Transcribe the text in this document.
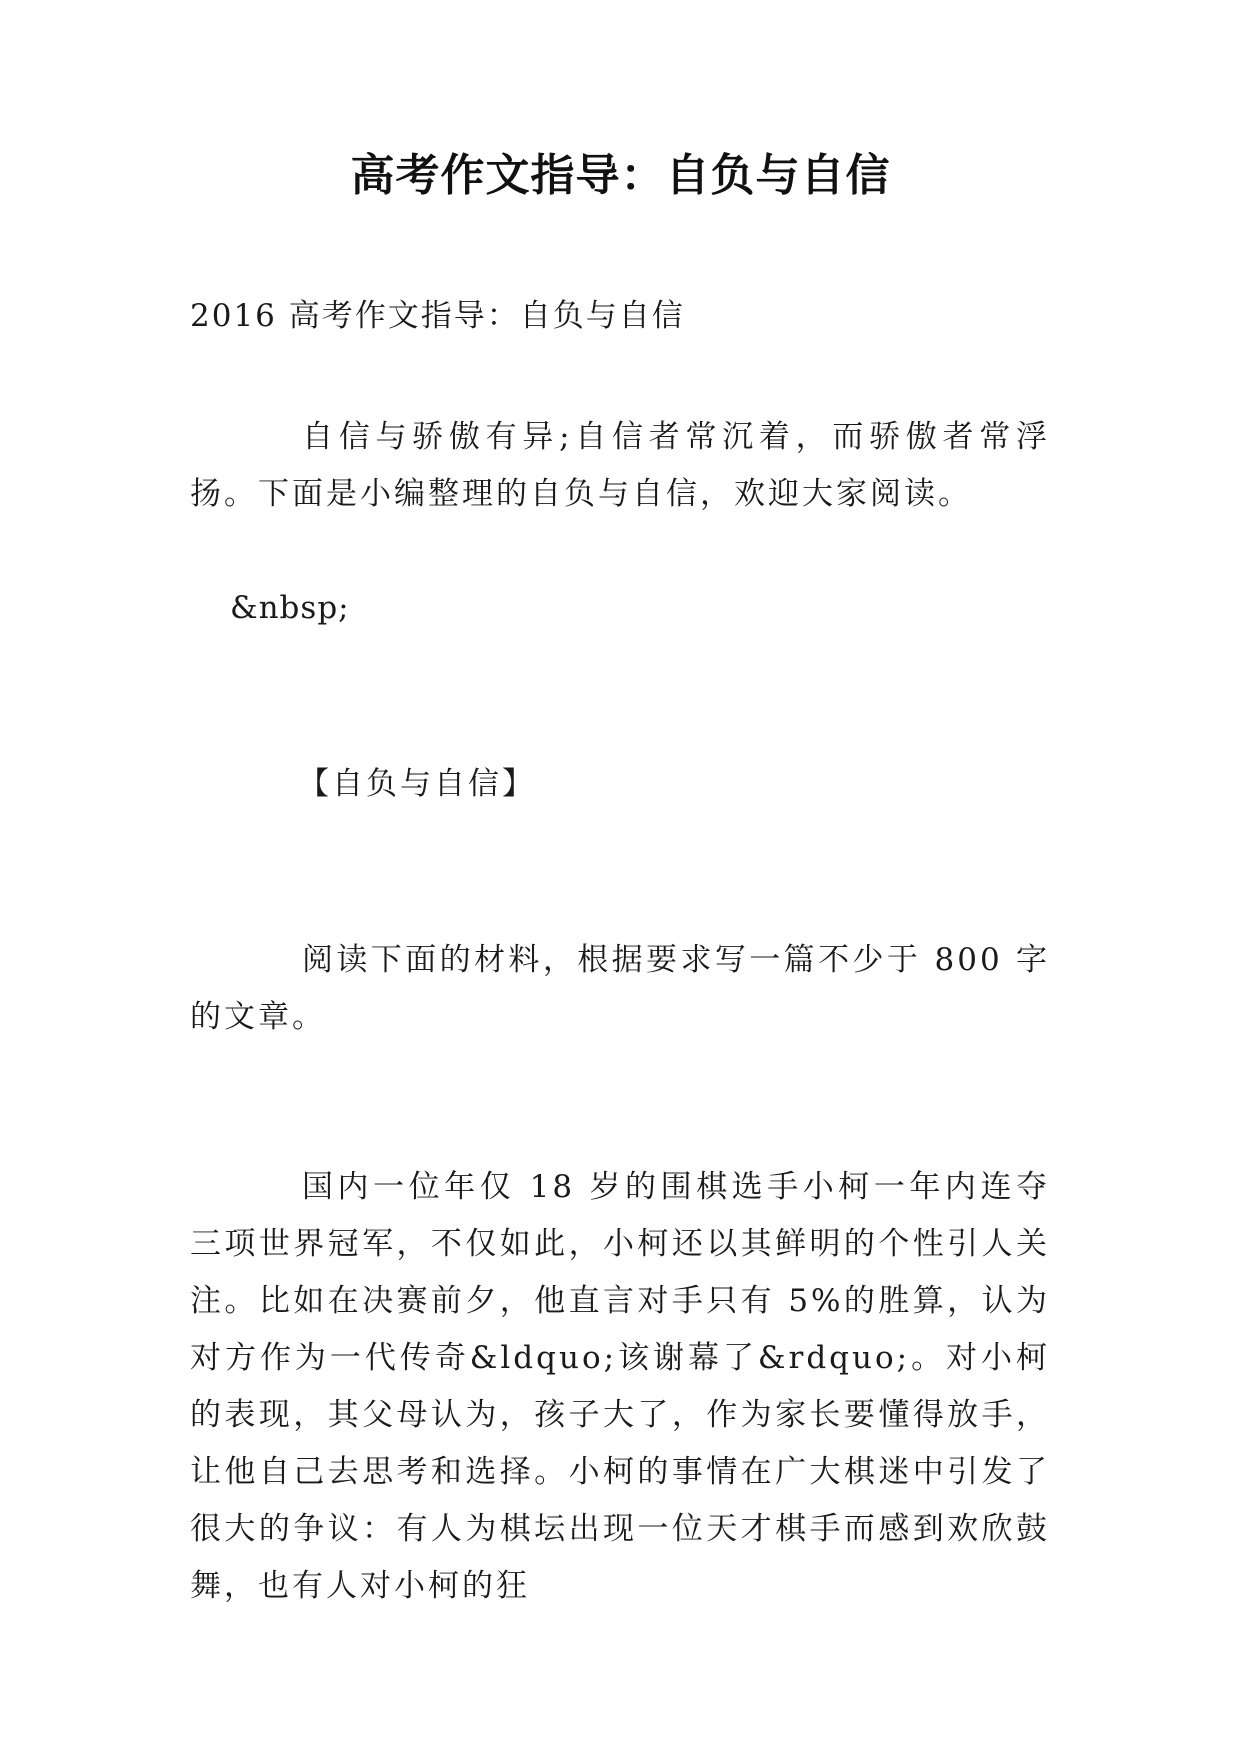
高考作文指导：自负与自信
2016 高考作文指导：自负与自信
自信与骄傲有异;自信者常沉着，而骄傲者常浮扬。下面是小编整理的自负与自信，欢迎大家阅读。
&nbsp;
【自负与自信】
阅读下面的材料，根据要求写一篇不少于 800 字的文章。
国内一位年仅 18 岁的围棋选手小柯一年内连夺三项世界冠军，不仅如此，小柯还以其鲜明的个性引人关注。比如在决赛前夕，他直言对手只有 5%的胜算，认为对方作为一代传奇&ldquo;该谢幕了&rdquo;。对小柯的表现，其父母认为，孩子大了，作为家长要懂得放手，让他自己去思考和选择。小柯的事情在广大棋迷中引发了很大的争议：有人为棋坛出现一位天才棋手而感到欢欣鼓舞，也有人对小柯的狂
